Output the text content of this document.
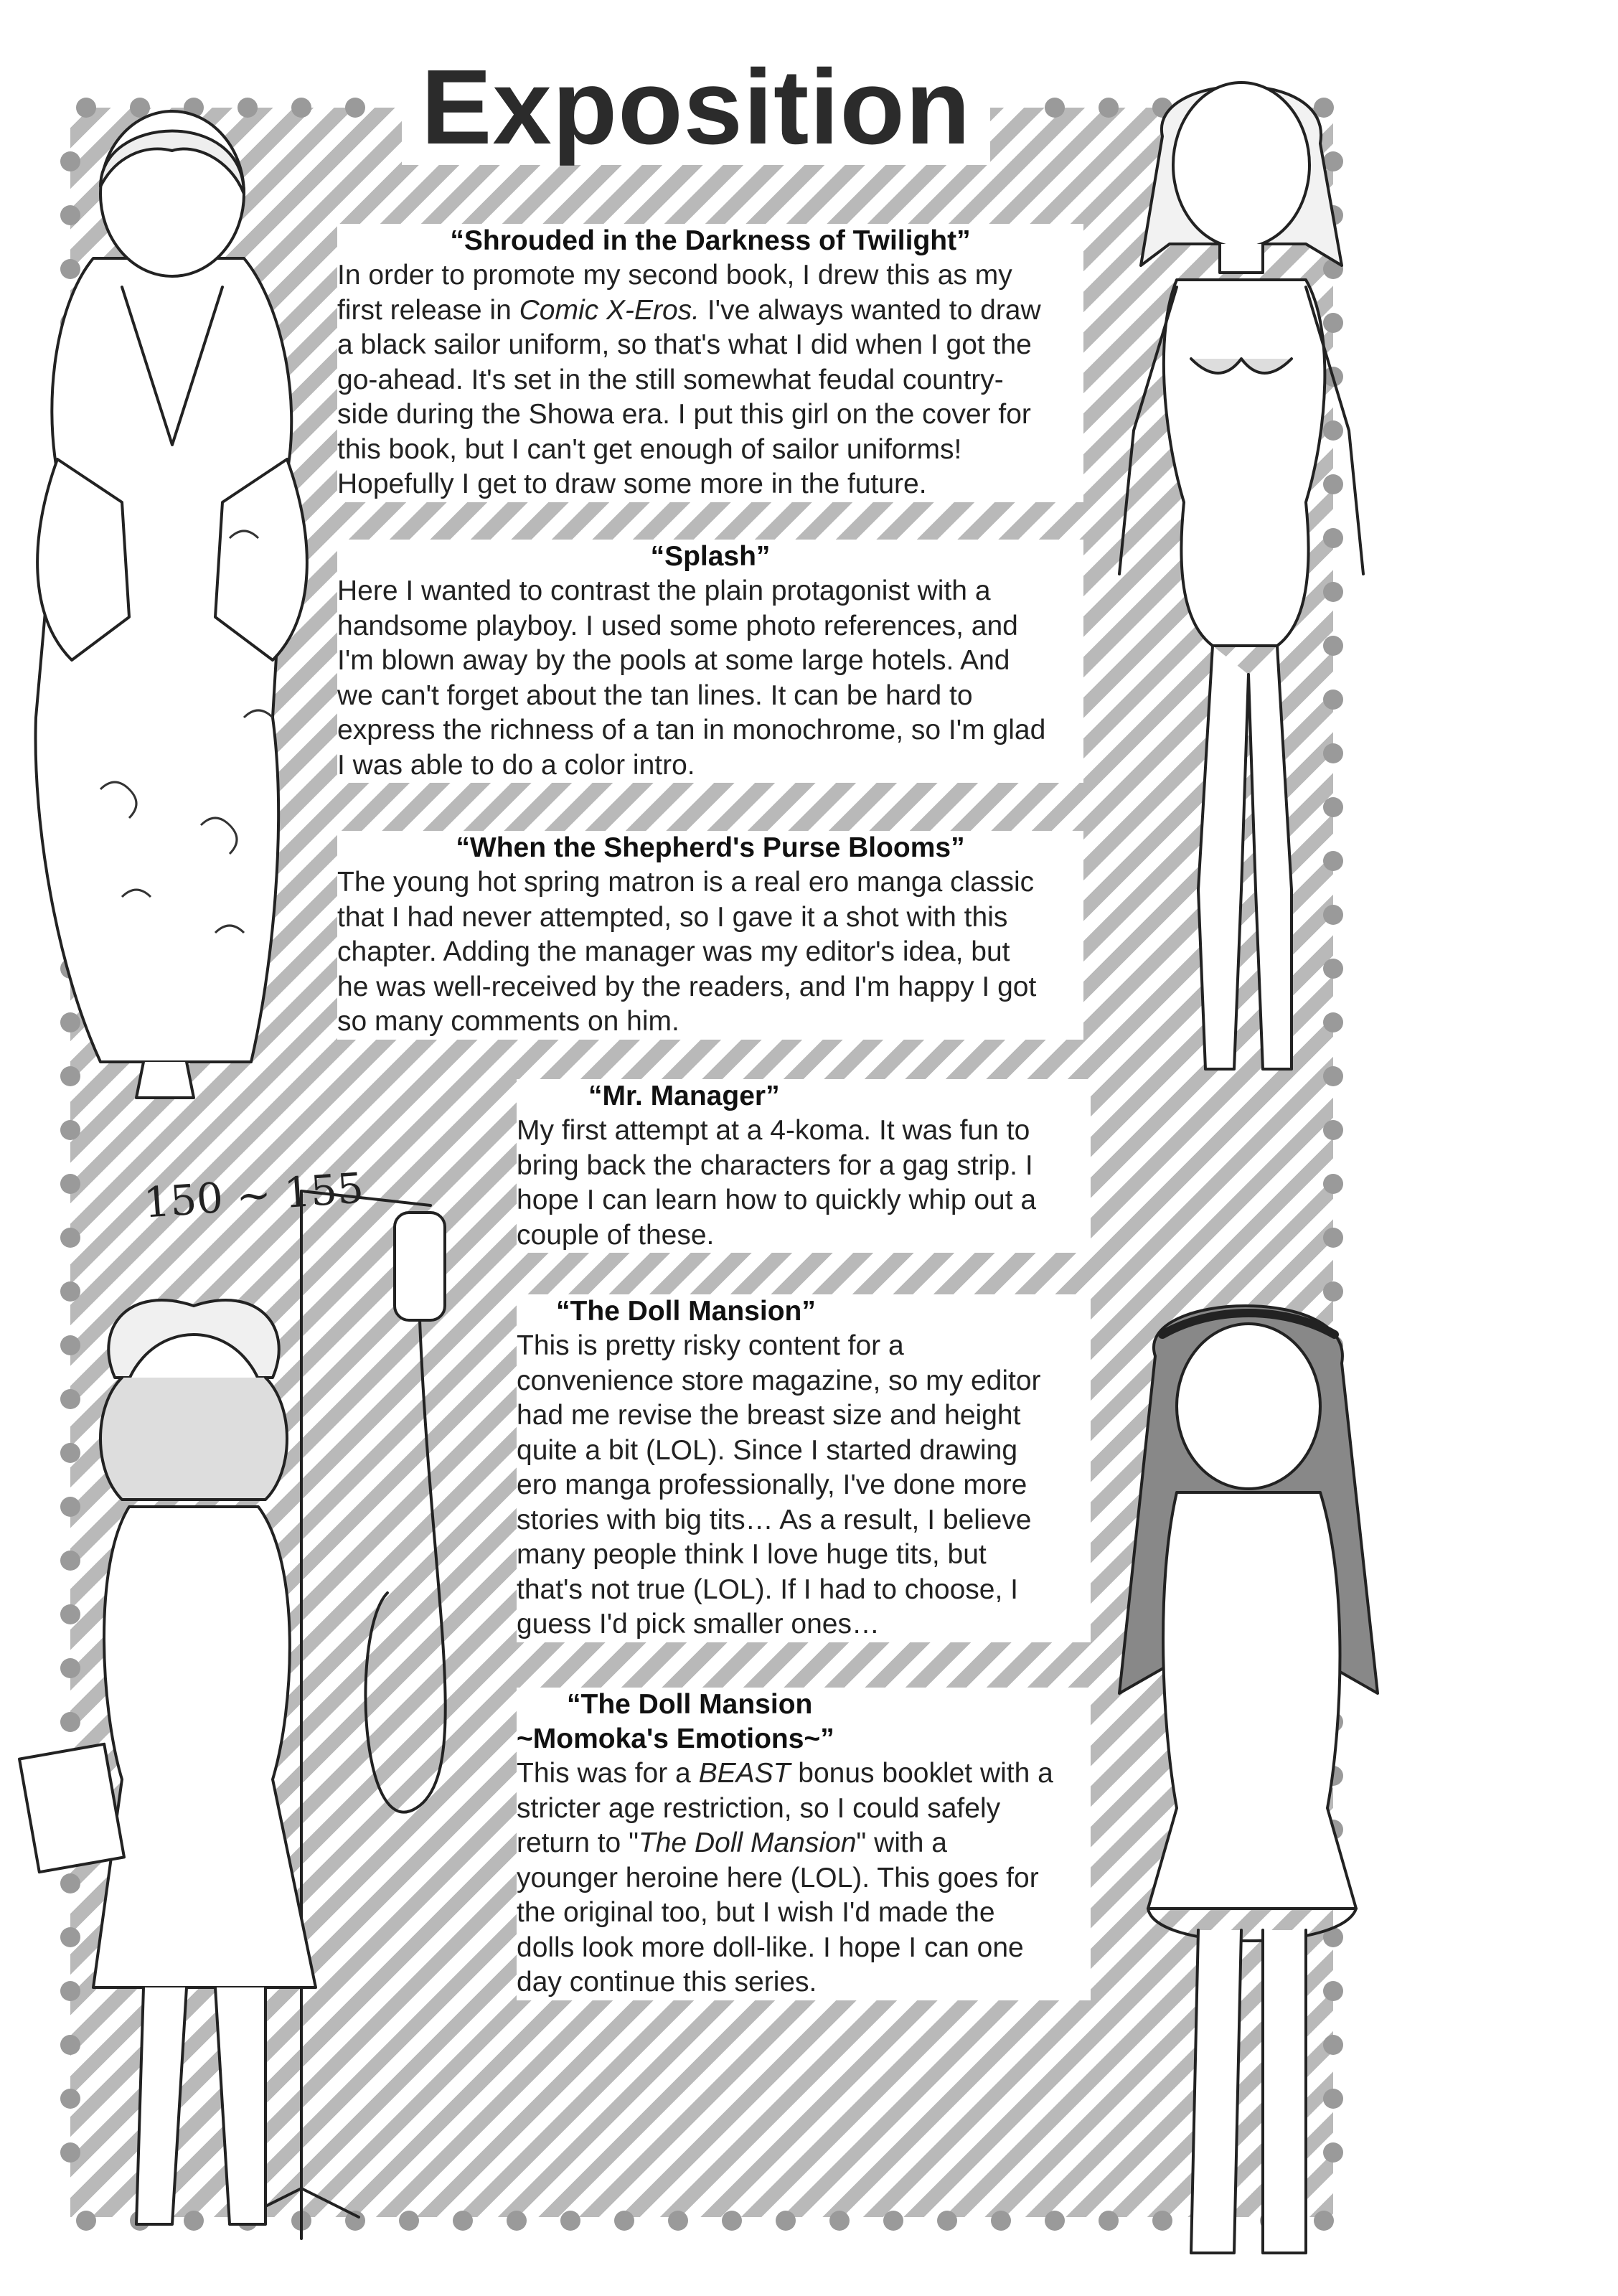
150 ~ 155
Exposition
“Shrouded in the Darkness of Twilight”
In order to promote my second book, I drew this as my
first release in Comic X-Eros. I've always wanted to draw
a black sailor uniform, so that's what I did when I got the
go-ahead. It's set in the still somewhat feudal country-
side during the Showa era. I put this girl on the cover for
this book, but I can't get enough of sailor uniforms!
Hopefully I get to draw some more in the future.
“Splash”
Here I wanted to contrast the plain protagonist with a
handsome playboy. I used some photo references, and
I'm blown away by the pools at some large hotels. And
we can't forget about the tan lines. It can be hard to
express the richness of a tan in monochrome, so I'm glad
I was able to do a color intro.
“When the Shepherd's Purse Blooms”
The young hot spring matron is a real ero manga classic
that I had never attempted, so I gave it a shot with this
chapter. Adding the manager was my editor's idea, but
he was well-received by the readers, and I'm happy I got
so many comments on him.
“Mr. Manager”
My first attempt at a 4-koma. It was fun to
bring back the characters for a gag strip. I
hope I can learn how to quickly whip out a
couple of these.
“The Doll Mansion”
This is pretty risky content for a
convenience store magazine, so my editor
had me revise the breast size and height
quite a bit (LOL). Since I started drawing
ero manga professionally, I've done more
stories with big tits… As a result, I believe
many people think I love huge tits, but
that's not true (LOL). If I had to choose, I
guess I'd pick smaller ones…
“The Doll Mansion
~Momoka's Emotions~”
This was for a BEAST bonus booklet with a
stricter age restriction, so I could safely
return to "The Doll Mansion" with a
younger heroine here (LOL). This goes for
the original too, but I wish I'd made the
dolls look more doll-like. I hope I can one
day continue this series.
